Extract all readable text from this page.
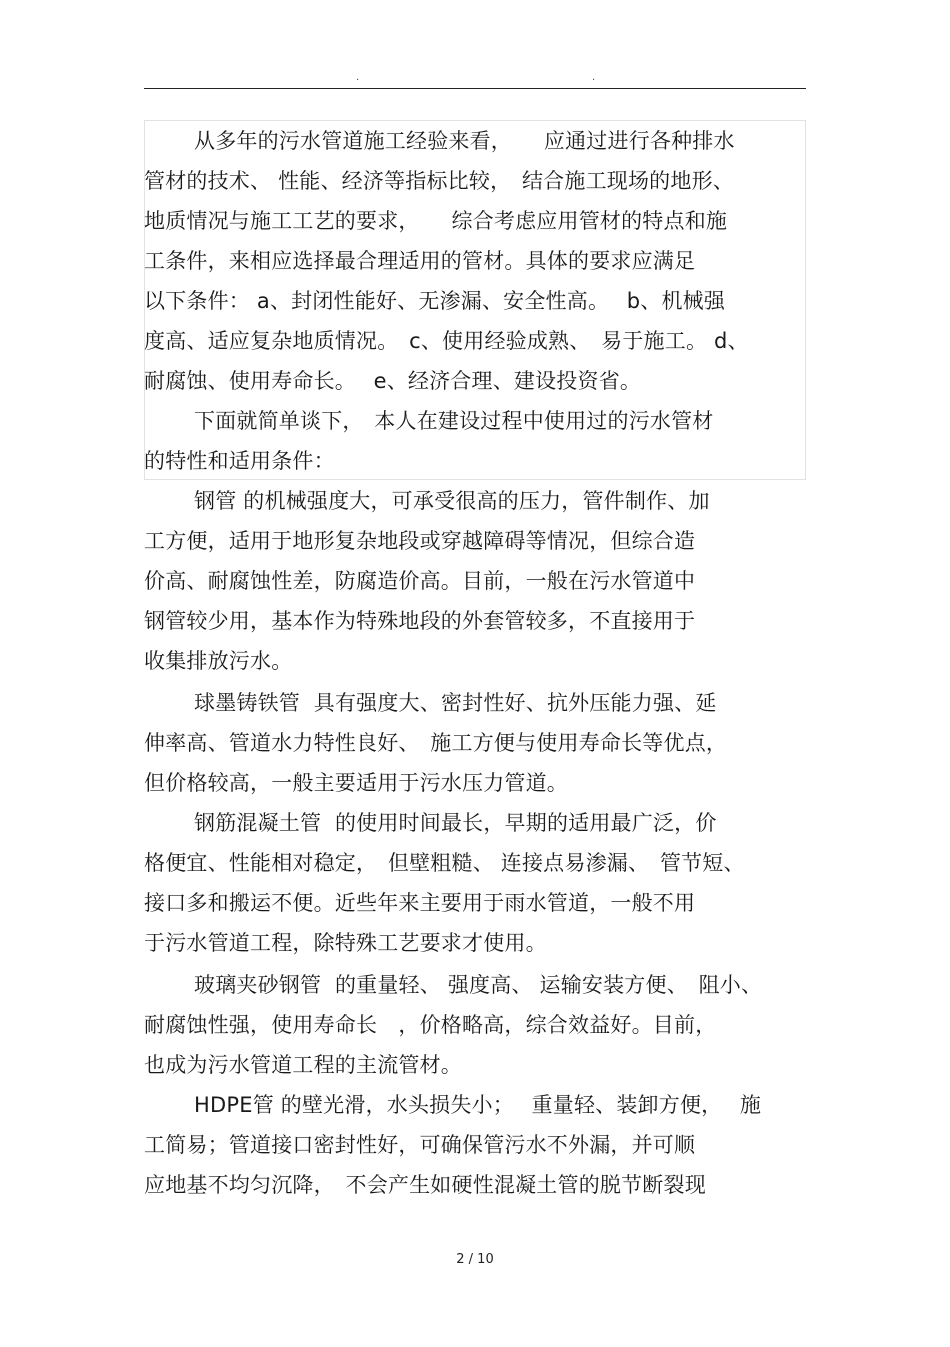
.	.
从多年的污水管道施工经验来看，　　应通过进行各种排水
管材的技术、 性能、经济等指标比较，　结合施工现场的地形、
地质情况与施工工艺的要求，　　综合考虑应用管材的特点和施
工条件，来相应选择最合理适用的管材。具体的要求应满足
以下条件： a、封闭性能好、无渗漏、安全性高。　 b、机械强
度高、适应复杂地质情况。　c、使用经验成熟、　易于施工。 d、
耐腐蚀、使用寿命长。　 e、经济合理、建设投资省。
下面就简单谈下，　本人在建设过程中使用过的污水管材
的特性和适用条件：
钢管 的机械强度大，可承受很高的压力，管件制作、加
工方便，适用于地形复杂地段或穿越障碍等情况，但综合造
价高、耐腐蚀性差，防腐造价高。目前，一般在污水管道中
钢管较少用，基本作为特殊地段的外套管较多，不直接用于
收集排放污水。
球墨铸铁管  具有强度大、密封性好、抗外压能力强、延
伸率高、管道水力特性良好、　施工方便与使用寿命长等优点，
但价格较高，一般主要适用于污水压力管道。
钢筋混凝土管  的使用时间最长，早期的适用最广泛，价
格便宜、性能相对稳定，　但壁粗糙、 连接点易渗漏、　管节短、
接口多和搬运不便。近些年来主要用于雨水管道，一般不用
于污水管道工程，除特殊工艺要求才使用。
玻璃夹砂钢管  的重量轻、 强度高、 运输安装方便、　阻小、
耐腐蚀性强，使用寿命长　，价格略高，综合效益好。目前，
也成为污水管道工程的主流管材。
HDPE管 的壁光滑，水头损失小；　 重量轻、装卸方便，　 施
工简易；管道接口密封性好，可确保管污水不外漏，并可顺
应地基不均匀沉降，　不会产生如硬性混凝土管的脱节断裂现
2 / 10
